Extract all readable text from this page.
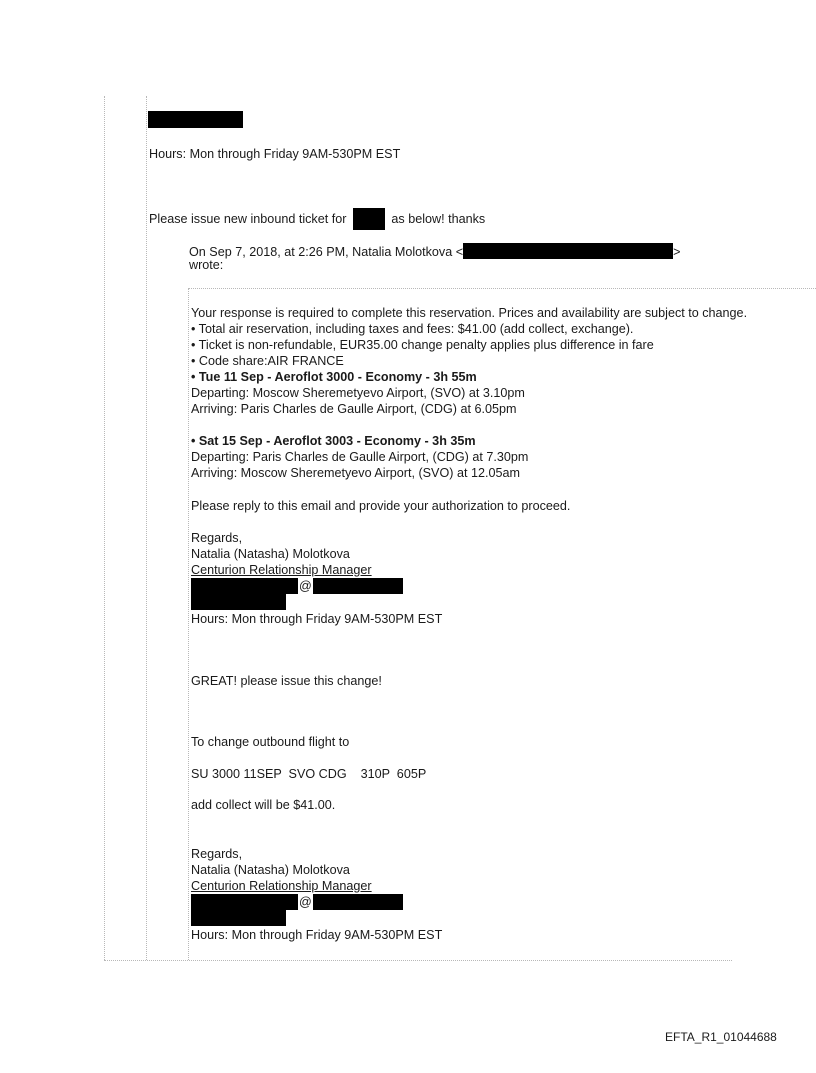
Hours: Mon through Friday 9AM-530PM EST
Please issue new inbound ticket for	as below! thanks
On Sep 7, 2018, at 2:26 PM, Natalia Molotkova <	>
wrote:
Your response is required to complete this reservation. Prices and availability are subject to change.
• Total air reservation, including taxes and fees: $41.00 (add collect, exchange).
• Ticket is non-refundable, EUR35.00 change penalty applies plus difference in fare
• Code share:AIR FRANCE
• Tue 11 Sep - Aeroflot 3000 - Economy - 3h 55m
Departing: Moscow Sheremetyevo Airport, (SVO) at 3.10pm
Arriving: Paris Charles de Gaulle Airport, (CDG) at 6.05pm
• Sat 15 Sep - Aeroflot 3003 - Economy - 3h 35m
Departing: Paris Charles de Gaulle Airport, (CDG) at 7.30pm
Arriving: Moscow Sheremetyevo Airport, (SVO) at 12.05am
Please reply to this email and provide your authorization to proceed.
Regards,
Natalia (Natasha) Molotkova
Centurion Relationship Manager
@
Hours: Mon through Friday 9AM-530PM EST
GREAT! please issue this change!
To change outbound flight to
SU 3000 11SEP  SVO CDG    310P  605P
add collect will be $41.00.
Regards,
Natalia (Natasha) Molotkova
Centurion Relationship Manager
@
Hours: Mon through Friday 9AM-530PM EST
EFTA_R1_01044688
